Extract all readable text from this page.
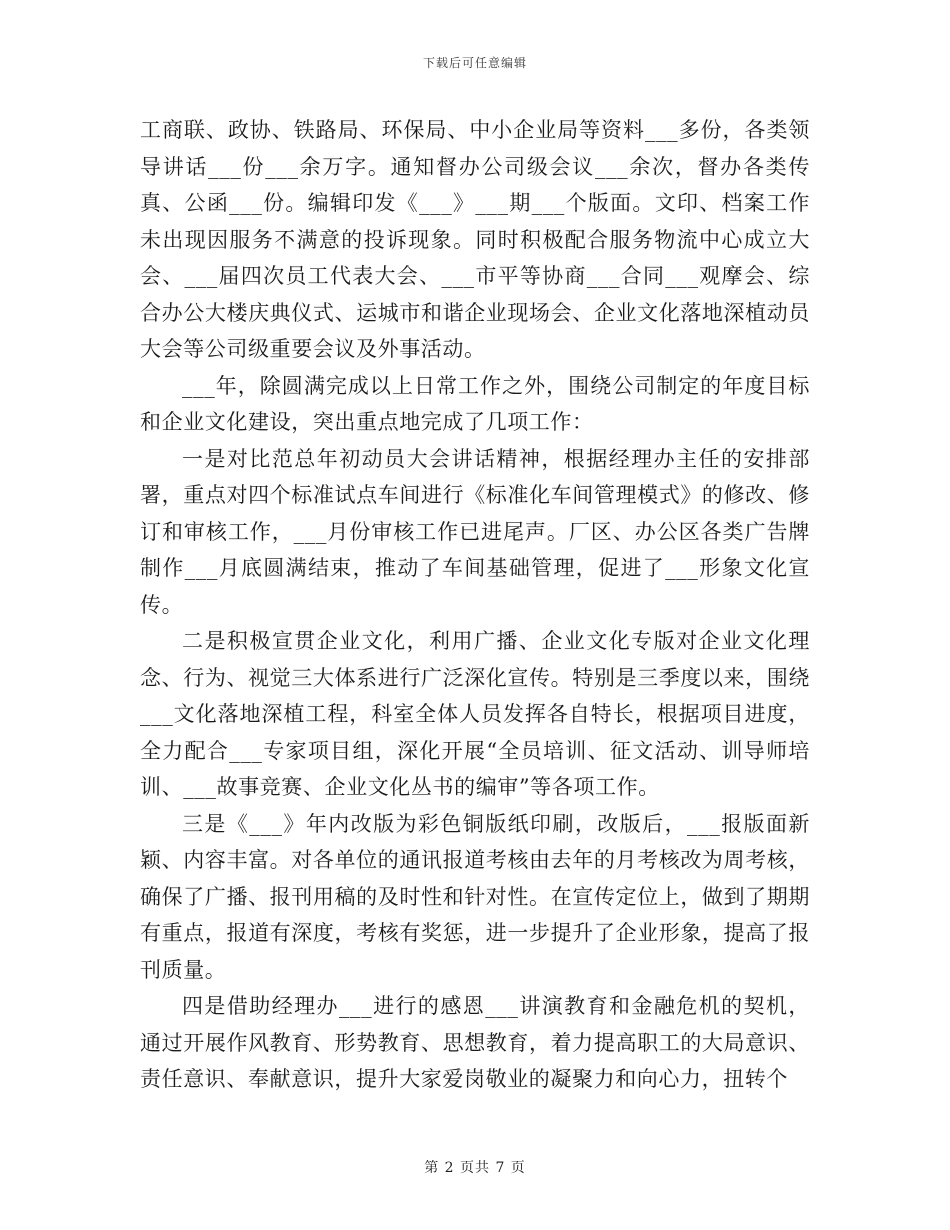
下载后可任意编辑

工商联、政协、铁路局、环保局、中小企业局等资料___多份，各类领导讲话___份___余万字。通知督办公司级会议___余次，督办各类传真、公函___份。编辑印发《___》___期___个版面。文印、档案工作未出现因服务不满意的投诉现象。同时积极配合服务物流中心成立大会、___届四次员工代表大会、___市平等协商___合同___观摩会、综合办公大楼庆典仪式、运城市和谐企业现场会、企业文化落地深植动员大会等公司级重要会议及外事活动。

___年，除圆满完成以上日常工作之外，围绕公司制定的年度目标和企业文化建设，突出重点地完成了几项工作：

一是对比范总年初动员大会讲话精神，根据经理办主任的安排部署，重点对四个标准试点车间进行《标准化车间管理模式》的修改、修订和审核工作，___月份审核工作已进尾声。厂区、办公区各类广告牌制作___月底圆满结束，推动了车间基础管理，促进了___形象文化宣传。

二是积极宣贯企业文化，利用广播、企业文化专版对企业文化理念、行为、视觉三大体系进行广泛深化宣传。特别是三季度以来，围绕___文化落地深植工程，科室全体人员发挥各自特长，根据项目进度，全力配合___专家项目组，深化开展“全员培训、征文活动、训导师培训、___故事竞赛、企业文化丛书的编审”等各项工作。

三是《___》年内改版为彩色铜版纸印刷，改版后，___报版面新颖、内容丰富。对各单位的通讯报道考核由去年的月考核改为周考核，确保了广播、报刊用稿的及时性和针对性。在宣传定位上，做到了期期有重点，报道有深度，考核有奖惩，进一步提升了企业形象，提高了报刊质量。

四是借助经理办___进行的感恩___讲演教育和金融危机的契机，通过开展作风教育、形势教育、思想教育，着力提高职工的大局意识、责任意识、奉献意识，提升大家爱岗敬业的凝聚力和向心力，扭转个

第 2 页共 7 页
